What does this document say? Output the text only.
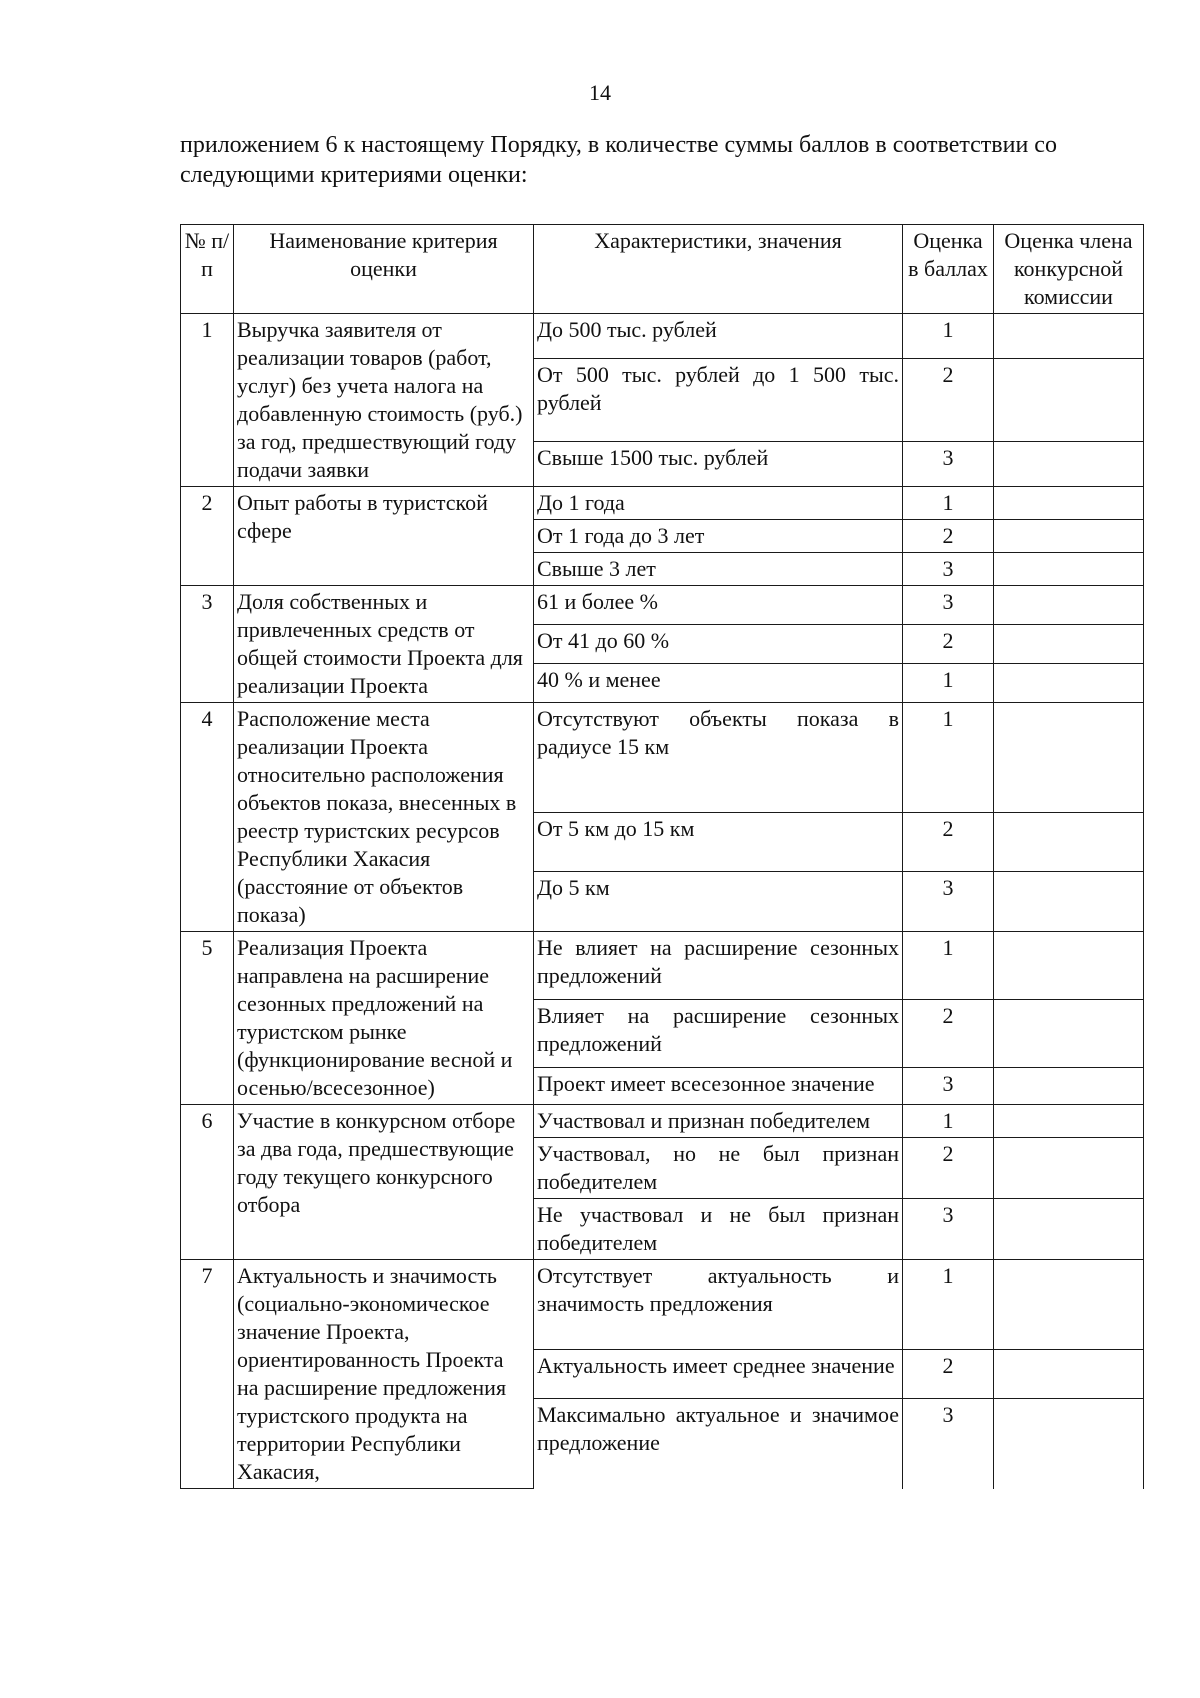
14
приложением 6 к настоящему Порядку, в количестве суммы баллов в соответствии со следующими критериями оценки:
№ п/п	Наименование критерия оценки	Характеристики, значения	Оценка в баллах	Оценка члена конкурсной комиссии
1	Выручка заявителя от реализации товаров (работ, услуг) без учета налога на добавленную стоимость (руб.) за год, предшествующий году подачи заявки	До 500 тыс. рублей	1	
		От 500 тыс. рублей до 1 500 тыс. рублей	2	
		Свыше 1500 тыс. рублей	3	
2	Опыт работы в туристской сфере	До 1 года	1	
		От 1 года до 3 лет	2	
		Свыше 3 лет	3	
3	Доля собственных и привлеченных средств от общей стоимости Проекта для реализации Проекта	61 и более %	3	
		От 41 до 60 %	2	
		40 % и менее	1	
4	Расположение места реализации Проекта относительно расположения объектов показа, внесенных в реестр туристских ресурсов Республики Хакасия (расстояние от объектов показа)	Отсутствуют объекты показа в радиусе 15 км	1	
		От 5 км до 15 км	2	
		До 5 км	3	
5	Реализация Проекта направлена на расширение сезонных предложений на туристском рынке (функционирование весной и осенью/всесезонное)	Не влияет на расширение сезонных предложений	1	
		Влияет на расширение сезонных предложений	2	
		Проект имеет всесезонное значение	3	
6	Участие в конкурсном отборе за два года, предшествующие году текущего конкурсного отбора	Участвовал и признан победителем	1	
		Участвовал, но не был признан победителем	2	
		Не участвовал и не был признан победителем	3	
7	Актуальность и значимость (социально-экономическое значение Проекта, ориентированность Проекта на расширение предложения туристского продукта на территории Республики Хакасия,	Отсутствует актуальность и значимость предложения	1	
		Актуальность имеет среднее значение	2	
		Максимально актуальное и значимое предложение	3	
